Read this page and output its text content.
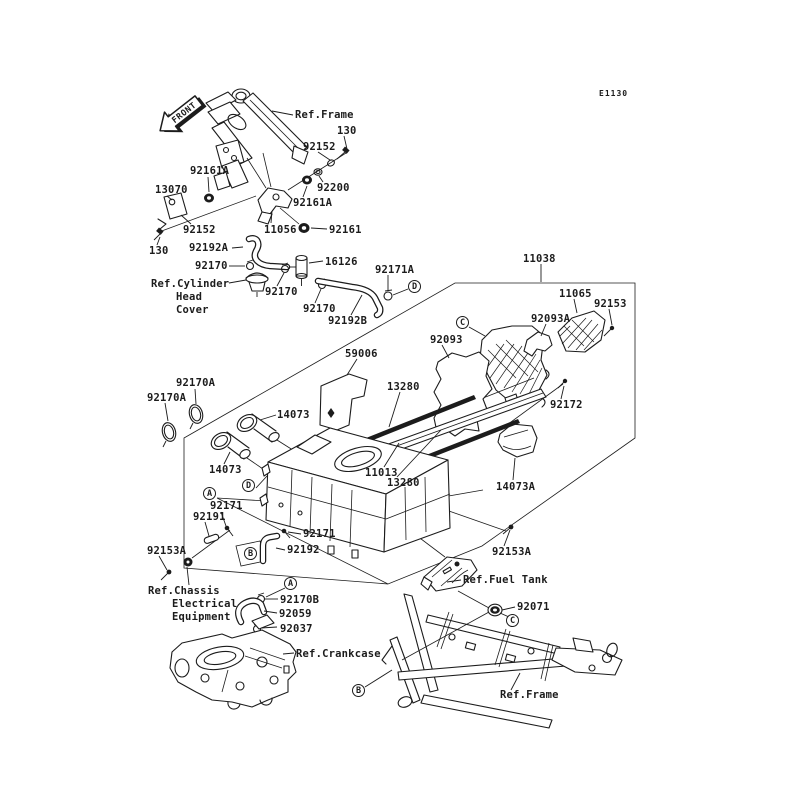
FRONT	Ref.Frame
130
92152
92161A
13070	92200
92161A
92152	11056	92161
130 92192A
92170	16126
92171A
Ref.Cylinder
Head
Cover
92170
92170
92192B
11038
11065
92153
92093A
92093
59006
13280
92172
92170A
92170A
14073
14073
14073A
11013
13280
92171
92191
92171
92192
92153A
Ref.Chassis
Electrical
Equipment
92170B
92059
92037
Ref.Crankcase
92153A
Ref.Fuel Tank
92071
Ref.Frame
A
A
B
B
C
C
D
D
E1130
